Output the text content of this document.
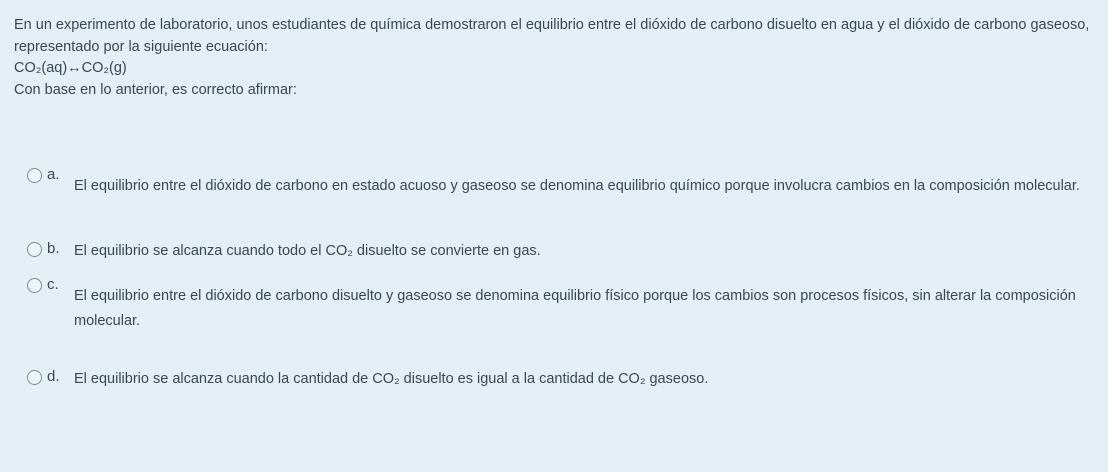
En un experimento de laboratorio, unos estudiantes de química demostraron el equilibrio entre el dióxido de carbono disuelto en agua y el dióxido de carbono gaseoso, representado por la siguiente ecuación:

CO₂(aq)↔CO₂(g)

Con base en lo anterior, es correcto afirmar:

a.
El equilibrio entre el dióxido de carbono en estado acuoso y gaseoso se denomina equilibrio químico porque involucra cambios en la composición molecular.
b. El equilibrio se alcanza cuando todo el CO₂ disuelto se convierte en gas.
c.
El equilibrio entre el dióxido de carbono disuelto y gaseoso se denomina equilibrio físico porque los cambios son procesos físicos, sin alterar la composición molecular.
d. El equilibrio se alcanza cuando la cantidad de CO₂ disuelto es igual a la cantidad de CO₂ gaseoso.
